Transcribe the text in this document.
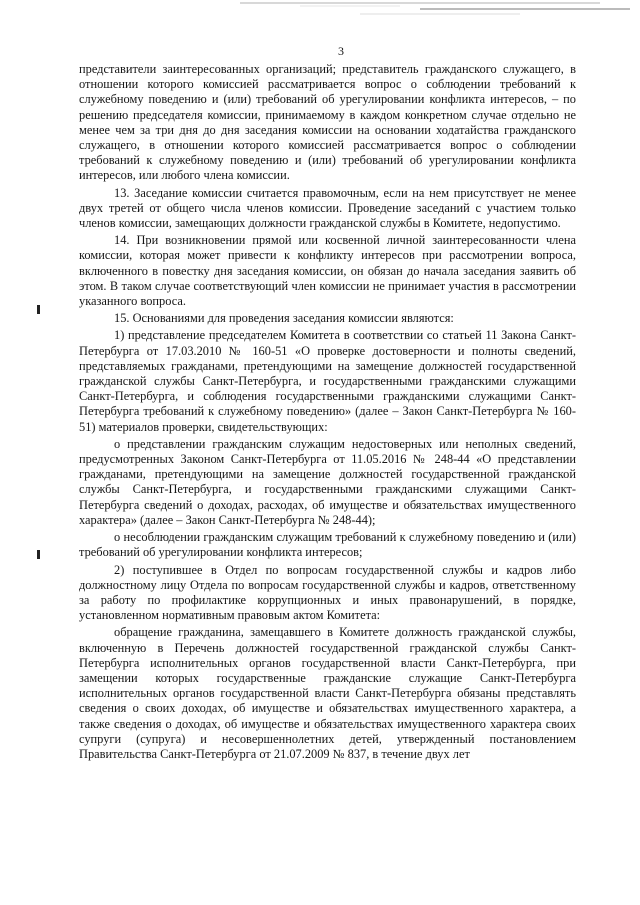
3

представители заинтересованных организаций; представитель гражданского служащего, в отношении которого комиссией рассматривается вопрос о соблюдении требований к служебному поведению и (или) требований об урегулировании конфликта интересов, – по решению председателя комиссии, принимаемому в каждом конкретном случае отдельно не менее чем за три дня до дня заседания комиссии на основании ходатайства гражданского служащего, в отношении которого комиссией рассматривается вопрос о соблюдении требований к служебному поведению и (или) требований об урегулировании конфликта интересов, или любого члена комиссии.

13. Заседание комиссии считается правомочным, если на нем присутствует не менее двух третей от общего числа членов комиссии. Проведение заседаний с участием только членов комиссии, замещающих должности гражданской службы в Комитете, недопустимо.

14. При возникновении прямой или косвенной личной заинтересованности члена комиссии, которая может привести к конфликту интересов при рассмотрении вопроса, включенного в повестку дня заседания комиссии, он обязан до начала заседания заявить об этом. В таком случае соответствующий член комиссии не принимает участия в рассмотрении указанного вопроса.

15. Основаниями для проведения заседания комиссии являются:

1) представление председателем Комитета в соответствии со статьей 11 Закона Санкт-Петербурга от 17.03.2010 № 160-51 «О проверке достоверности и полноты сведений, представляемых гражданами, претендующими на замещение должностей государственной гражданской службы Санкт-Петербурга, и государственными гражданскими служащими Санкт-Петербурга, и соблюдения государственными гражданскими служащими Санкт-Петербурга требований к служебному поведению» (далее – Закон Санкт-Петербурга № 160-51) материалов проверки, свидетельствующих:

о представлении гражданским служащим недостоверных или неполных сведений, предусмотренных Законом Санкт-Петербурга от 11.05.2016 № 248-44 «О представлении гражданами, претендующими на замещение должностей государственной гражданской службы Санкт-Петербурга, и государственными гражданскими служащими Санкт-Петербурга сведений о доходах, расходах, об имуществе и обязательствах имущественного характера» (далее – Закон Санкт-Петербурга № 248-44);

о несоблюдении гражданским служащим требований к служебному поведению и (или) требований об урегулировании конфликта интересов;

2) поступившее в Отдел по вопросам государственной службы и кадров либо должностному лицу Отдела по вопросам государственной службы и кадров, ответственному за работу по профилактике коррупционных и иных правонарушений, в порядке, установленном нормативным правовым актом Комитета:

обращение гражданина, замещавшего в Комитете должность гражданской службы, включенную в Перечень должностей государственной гражданской службы Санкт-Петербурга исполнительных органов государственной власти Санкт-Петербурга, при замещении которых государственные гражданские служащие Санкт-Петербурга исполнительных органов государственной власти Санкт-Петербурга обязаны представлять сведения о своих доходах, об имуществе и обязательствах имущественного характера, а также сведения о доходах, об имуществе и обязательствах имущественного характера своих супруги (супруга) и несовершеннолетних детей, утвержденный постановлением Правительства Санкт-Петербурга от 21.07.2009 № 837, в течение двух лет
